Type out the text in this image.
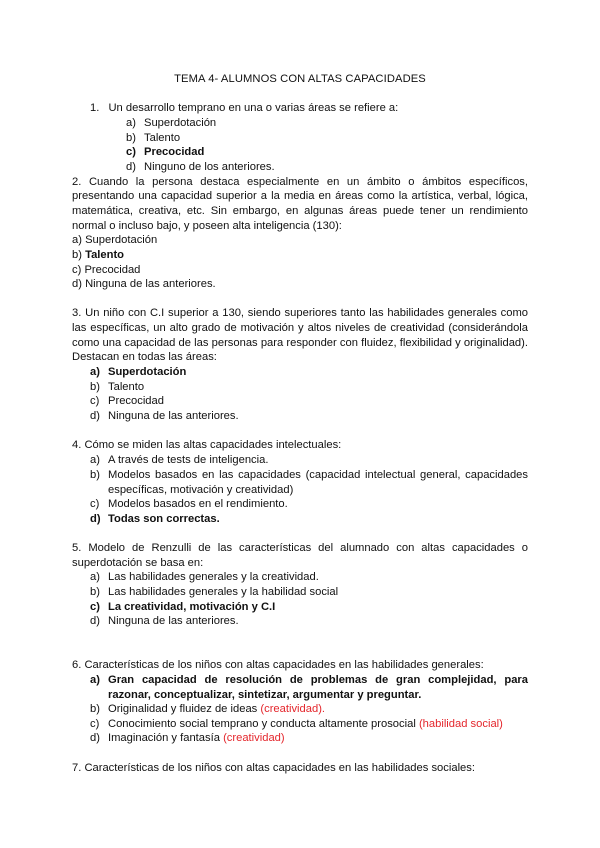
TEMA 4- ALUMNOS CON ALTAS CAPACIDADES
1. Un desarrollo temprano en una o varias áreas se refiere a:
a) Superdotación
b) Talento
c) Precocidad
d) Ninguno de los anteriores.
2. Cuando la persona destaca especialmente en un ámbito o ámbitos específicos,
presentando una capacidad superior a la media en áreas como la artística, verbal, lógica,
matemática, creativa, etc. Sin embargo, en algunas áreas puede tener un rendimiento
normal o incluso bajo, y poseen alta inteligencia (130):
a) Superdotación
b) Talento
c) Precocidad
d) Ninguna de las anteriores.
3. Un niño con C.I superior a 130, siendo superiores tanto las habilidades generales como
las específicas, un alto grado de motivación y altos niveles de creatividad (considerándola
como una capacidad de las personas para responder con fluidez, flexibilidad y originalidad).
Destacan en todas las áreas:
a) Superdotación
b) Talento
c) Precocidad
d) Ninguna de las anteriores.
4. Cómo se miden las altas capacidades intelectuales:
a) A través de tests de inteligencia.
b) Modelos basados en las capacidades (capacidad intelectual general, capacidades
específicas, motivación y creatividad)
c) Modelos basados en el rendimiento.
d) Todas son correctas.
5. Modelo de Renzulli de las características del alumnado con altas capacidades o
superdotación se basa en:
a) Las habilidades generales y la creatividad.
b) Las habilidades generales y la habilidad social
c) La creatividad, motivación y C.I
d) Ninguna de las anteriores.
6. Características de los niños con altas capacidades en las habilidades generales:
a) Gran capacidad de resolución de problemas de gran complejidad, para
razonar, conceptualizar, sintetizar, argumentar y preguntar.
b) Originalidad y fluidez de ideas (creatividad).
c) Conocimiento social temprano y conducta altamente prosocial (habilidad social)
d) Imaginación y fantasía (creatividad)
7. Características de los niños con altas capacidades en las habilidades sociales:
